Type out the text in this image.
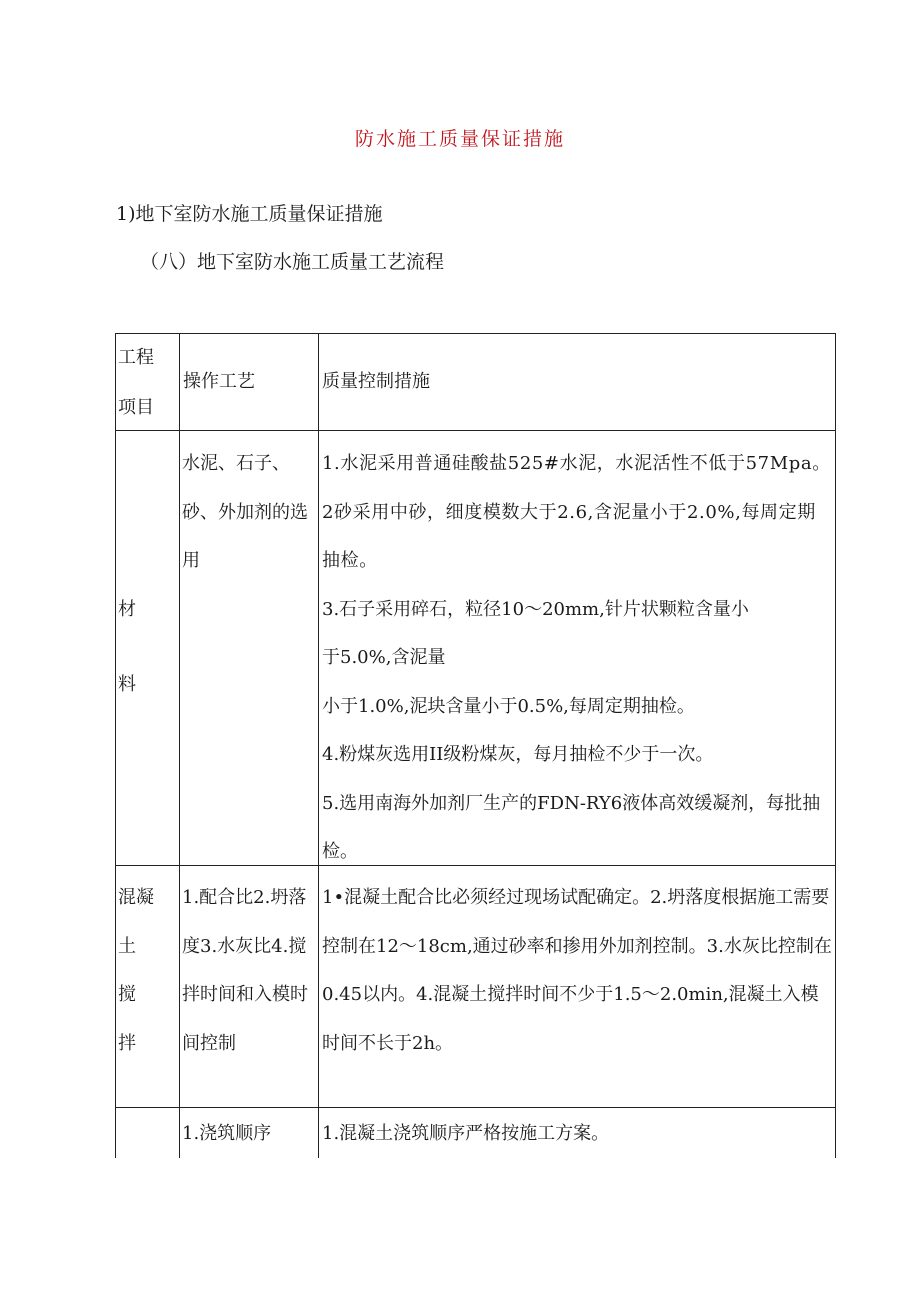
防水施工质量保证措施
1)地下室防水施工质量保证措施
（八）地下室防水施工质量工艺流程
工程
项目
操作工艺	质量控制措施
材
料
水泥、石子、砂、外加剂的选用

1.水泥采用普通硅酸盐525#水泥，水泥活性不低于57Mpa。2砂采用中砂，细度模数大于2.6,含泥量小于2.0%,每周定期抽检。

3.石子采用碎石，粒径10～20mm,针片状颗粒含量小

于5.0%,含泥量

小于1.0%,泥块含量小于0.5%,每周定期抽检。

4.粉煤灰选用II级粉煤灰，每月抽检不少于一次。

5.选用南海外加剂厂生产的FDN-RY6液体高效缓凝剂，每批抽检。

混凝
土
搅
拌
1.配合比2.坍落度3.水灰比4.搅拌时间和入模时间控制
1•混凝土配合比必须经过现场试配确定。2.坍落度根据施工需要控制在12～18cm,通过砂率和掺用外加剂控制。3.水灰比控制在0.45以内。4.混凝土搅拌时间不少于1.5～2.0min,混凝土入模时间不长于2h。
1.浇筑顺序	1.混凝土浇筑顺序严格按施工方案。
